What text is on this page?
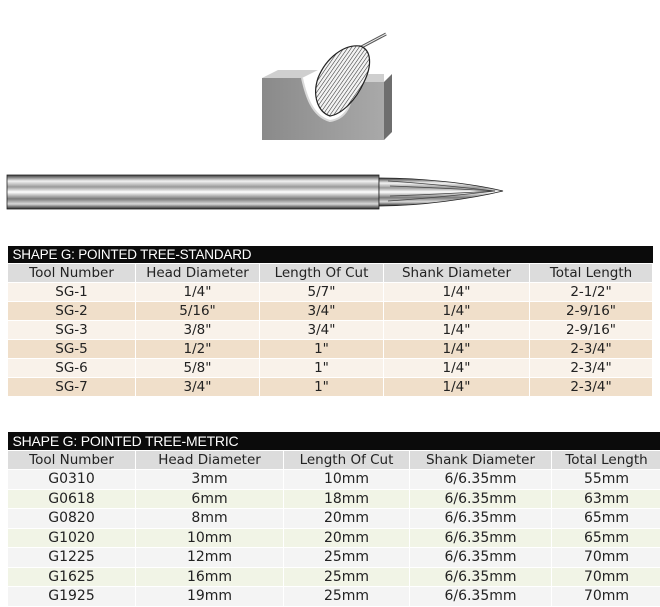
SHAPE G: POINTED TREE-STANDARD				
Tool Number	Head Diameter	Length Of Cut	Shank Diameter	Total Length
SG-1	1/4"	5/7"	1/4"	2-1/2"
SG-2	5/16"	3/4"	1/4"	2-9/16"
SG-3	3/8"	3/4"	1/4"	2-9/16"
SG-5	1/2"	1"	1/4"	2-3/4"
SG-6	5/8"	1"	1/4"	2-3/4"
SG-7	3/4"	1"	1/4"	2-3/4"
SHAPE G: POINTED TREE-METRIC				
Tool Number	Head Diameter	Length Of Cut	Shank Diameter	Total Length
G0310	3mm	10mm	6/6.35mm	55mm
G0618	6mm	18mm	6/6.35mm	63mm
G0820	8mm	20mm	6/6.35mm	65mm
G1020	10mm	20mm	6/6.35mm	65mm
G1225	12mm	25mm	6/6.35mm	70mm
G1625	16mm	25mm	6/6.35mm	70mm
G1925	19mm	25mm	6/6.35mm	70mm
